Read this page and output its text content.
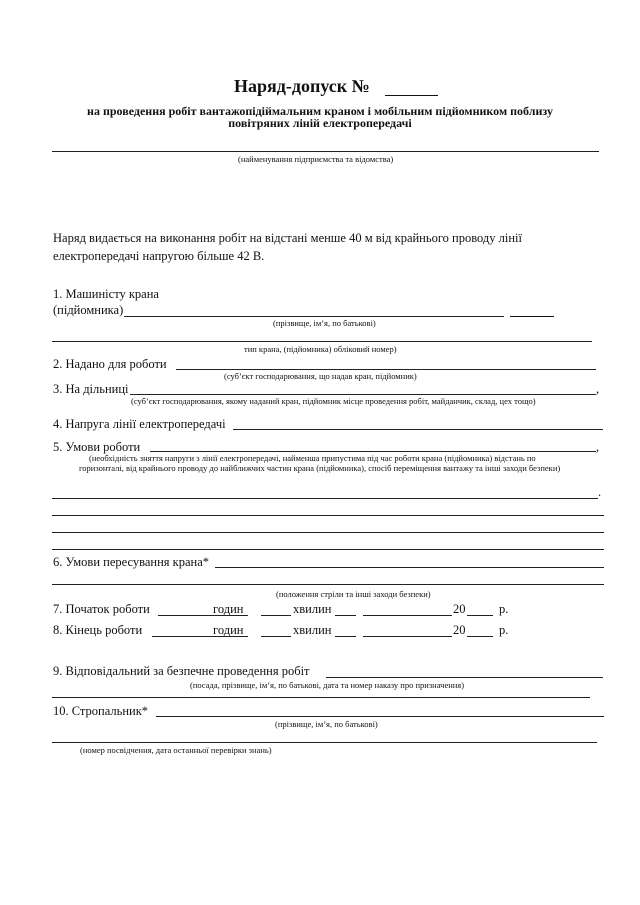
Наряд-допуск №
на проведення робіт вантажопідіймальним краном і мобільним підйомником поблизу
повітряних ліній електропередачі
(найменування підприємства та відомства)
Наряд видається на виконання робіт на відстані менше 40 м від крайнього проводу лінії
електропередачі напругою більше 42 В.
1. Машиністу крана
(підйомника)
(прізвище, ім’я, по батькові)
тип крана, (підйомника) обліковий номер)
2. Надано для роботи
(суб’єкт господарювання, що надав кран, підйомник)
3. На дільниці	,
(суб’єкт господарювання, якому наданий кран, підйомник місце проведення робіт, майданчик, склад, цех тощо)
4. Напруга лінії електропередачі
5. Умови роботи	,
(необхідність зняття напруги з лінії електропередачі, найменша припустима під час роботи крана (підйомника) відстань по
горизонталі, від крайнього проводу до найближчих частин крана (підйомника), спосіб переміщення вантажу та інші заходи безпеки)
.
6. Умови пересування крана*
(положення стріли та інші заходи безпеки)
7. Початок роботи	годин	хвилин	20	р.
8. Кінець роботи	годин	хвилин	20	р.
9. Відповідальний за безпечне проведення робіт
(посада, прізвище, ім’я, по батькові, дата та номер наказу про призначення)
10. Стропальник*
(прізвище, ім’я, по батькові)
(номер посвідчення, дата останньої перевірки знань)
